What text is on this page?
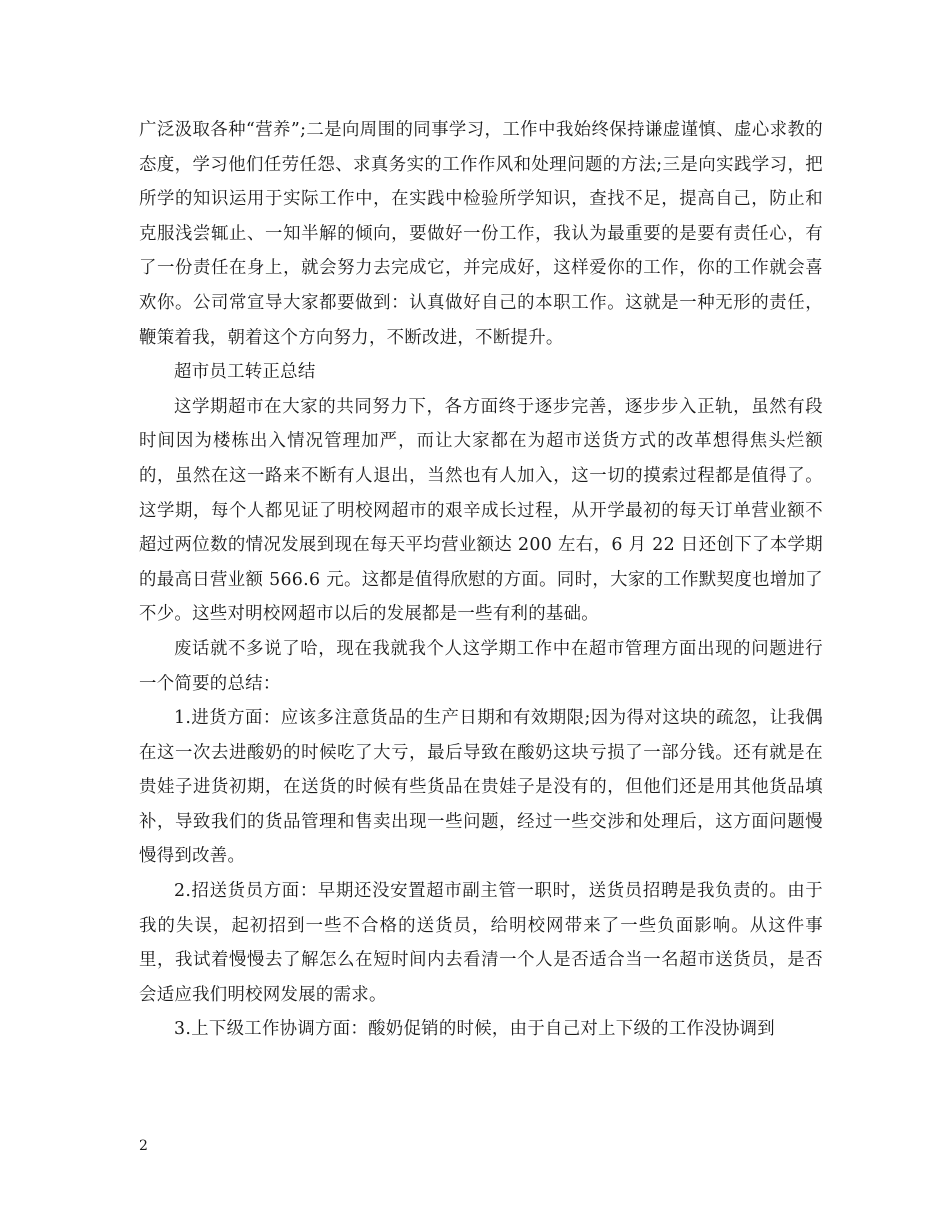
广泛汲取各种“营养”;二是向周围的同事学习，工作中我始终保持谦虚谨慎、虚心求教的态度，学习他们任劳任怨、求真务实的工作作风和处理问题的方法;三是向实践学习，把所学的知识运用于实际工作中，在实践中检验所学知识，查找不足，提高自己，防止和克服浅尝辄止、一知半解的倾向，要做好一份工作，我认为最重要的是要有责任心，有了一份责任在身上，就会努力去完成它，并完成好，这样爱你的工作，你的工作就会喜欢你。公司常宣导大家都要做到：认真做好自己的本职工作。这就是一种无形的责任，鞭策着我，朝着这个方向努力，不断改进，不断提升。

超市员工转正总结

这学期超市在大家的共同努力下，各方面终于逐步完善，逐步步入正轨，虽然有段时间因为楼栋出入情况管理加严，而让大家都在为超市送货方式的改革想得焦头烂额的，虽然在这一路来不断有人退出，当然也有人加入，这一切的摸索过程都是值得了。这学期，每个人都见证了明校网超市的艰辛成长过程，从开学最初的每天订单营业额不超过两位数的情况发展到现在每天平均营业额达 200 左右，6 月 22 日还创下了本学期的最高日营业额 566.6 元。这都是值得欣慰的方面。同时，大家的工作默契度也增加了不少。这些对明校网超市以后的发展都是一些有利的基础。

废话就不多说了哈，现在我就我个人这学期工作中在超市管理方面出现的问题进行一个简要的总结：

1.进货方面：应该多注意货品的生产日期和有效期限;因为得对这块的疏忽，让我偶在这一次去进酸奶的时候吃了大亏，最后导致在酸奶这块亏损了一部分钱。还有就是在贵娃子进货初期，在送货的时候有些货品在贵娃子是没有的，但他们还是用其他货品填补，导致我们的货品管理和售卖出现一些问题，经过一些交涉和处理后，这方面问题慢慢得到改善。

2.招送货员方面：早期还没安置超市副主管一职时，送货员招聘是我负责的。由于我的失误，起初招到一些不合格的送货员，给明校网带来了一些负面影响。从这件事里，我试着慢慢去了解怎么在短时间内去看清一个人是否适合当一名超市送货员，是否会适应我们明校网发展的需求。

3.上下级工作协调方面：酸奶促销的时候，由于自己对上下级的工作没协调到

2
